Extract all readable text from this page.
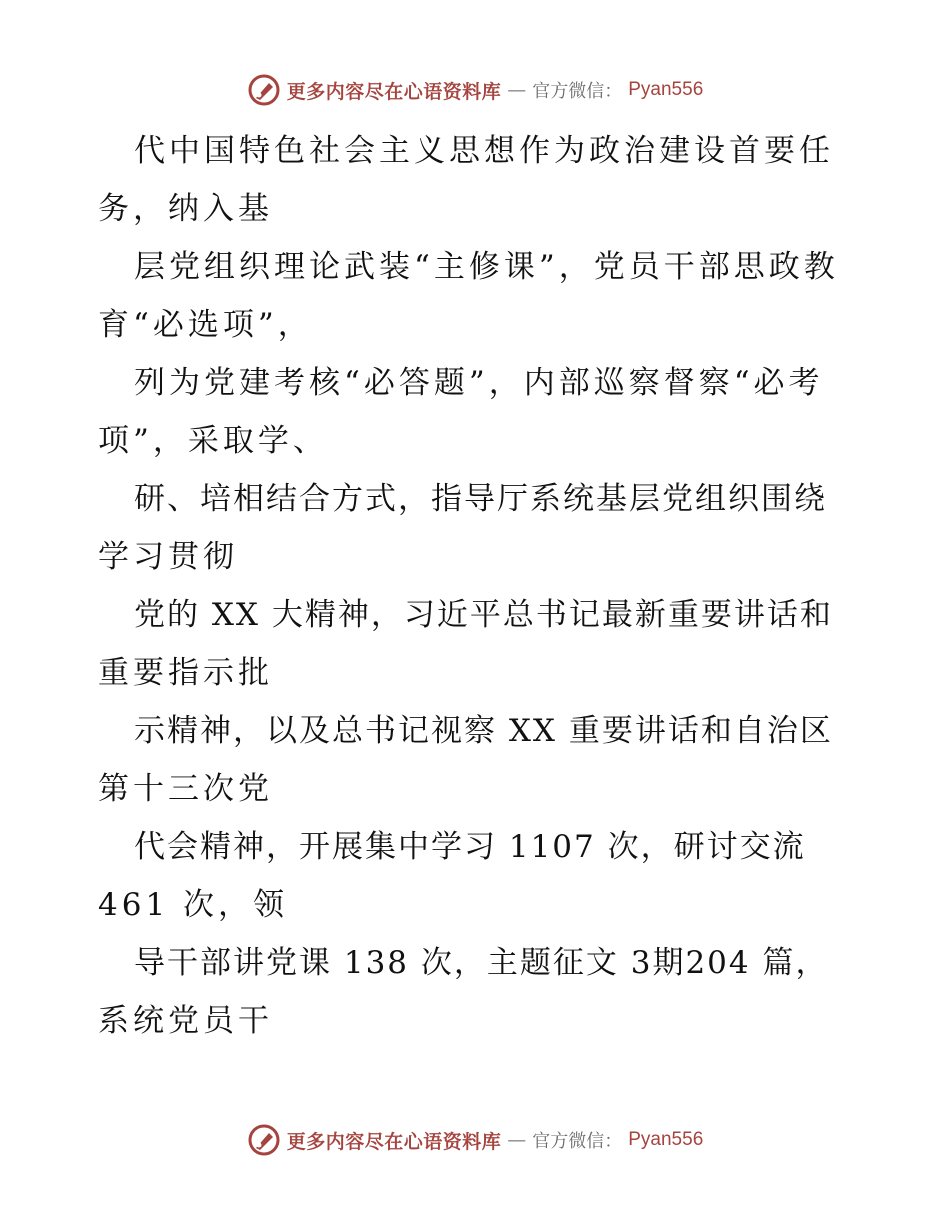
更多内容尽在心语资料库 — 官方微信： Pyan556
代中国特色社会主义思想作为政治建设首要任
务，纳入基
层党组织理论武装“主修课”，党员干部思政教
育“必选项”，
列为党建考核“必答题”，内部巡察督察“必考
项”，采取学、
研、培相结合方式，指导厅系统基层党组织围绕
学习贯彻
党的 XX 大精神，习近平总书记最新重要讲话和
重要指示批
示精神，以及总书记视察 XX 重要讲话和自治区
第十三次党
代会精神，开展集中学习 1107 次，研讨交流
461 次，领
导干部讲党课 138 次，主题征文 3期204 篇，
系统党员干
更多内容尽在心语资料库 — 官方微信： Pyan556
